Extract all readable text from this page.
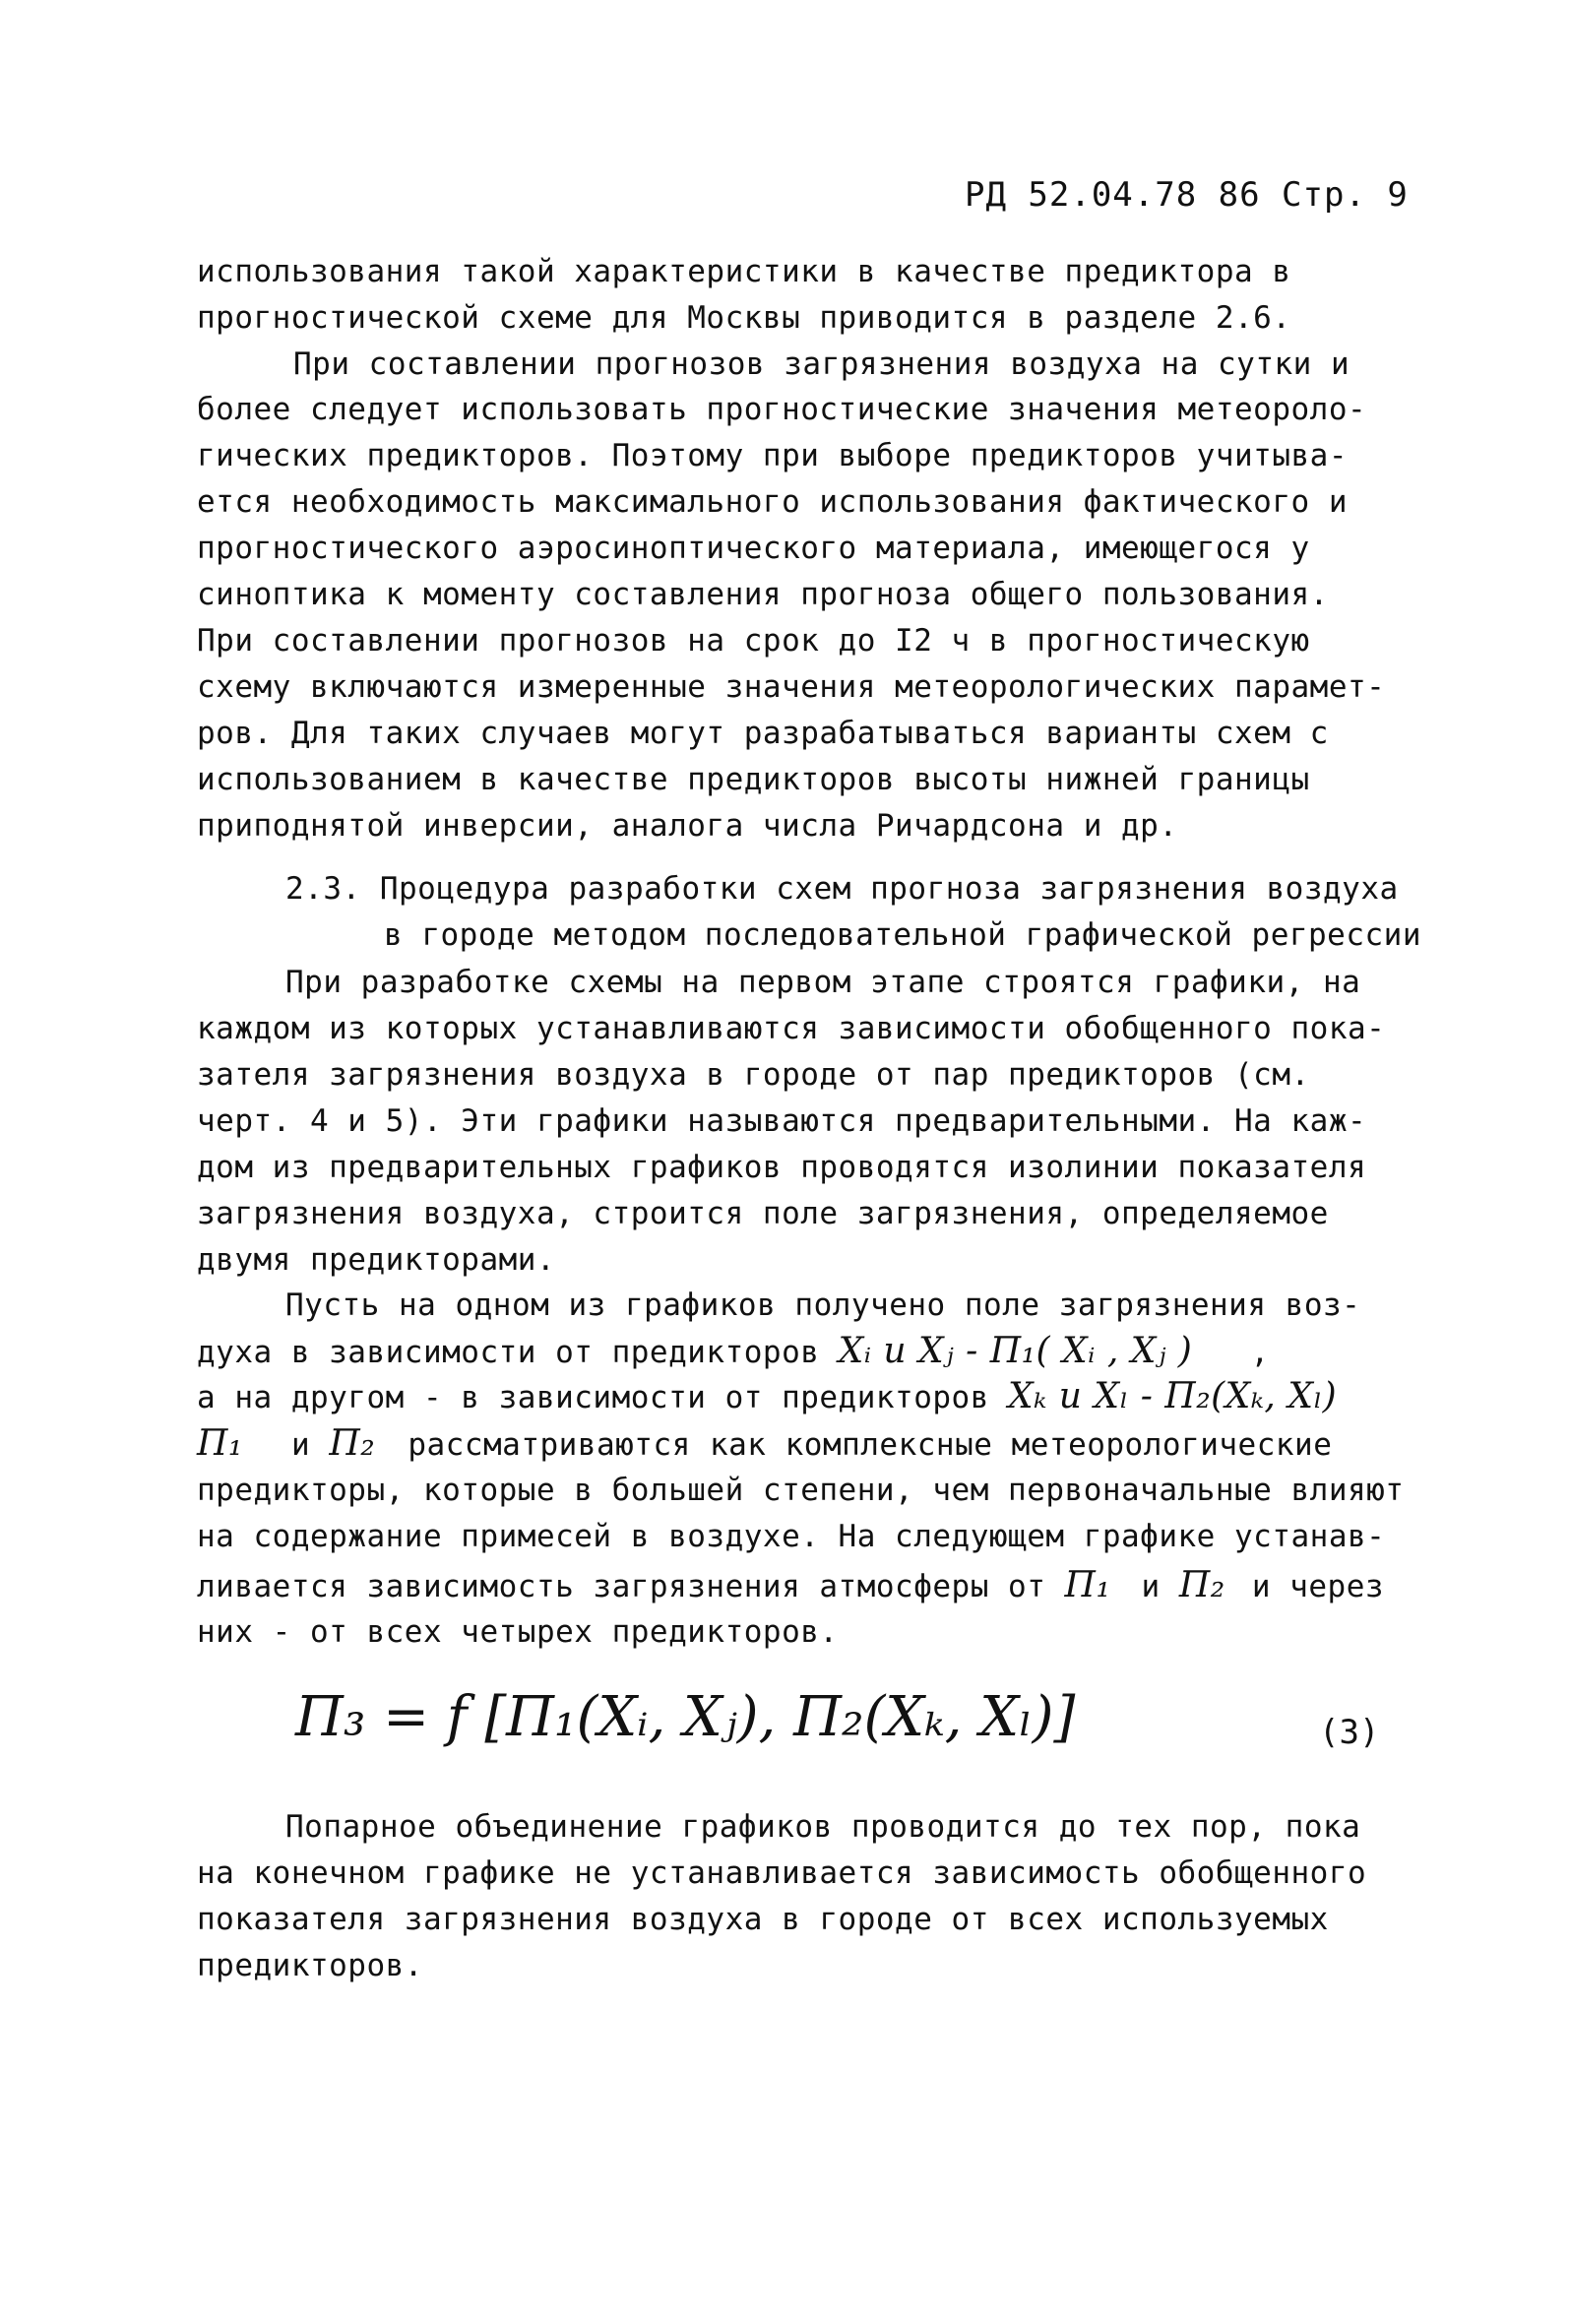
РД 52.04.78 86 Стр. 9
использования такой характеристики в качестве предиктора в
прогностической схеме для Москвы приводится в разделе 2.6.
При составлении прогнозов загрязнения воздуха на сутки и
более следует использовать прогностические значения метеороло-
гических предикторов. Поэтому при выборе предикторов учитыва-
ется необходимость максимального использования фактического и
прогностического аэросиноптического материала, имеющегося у
синоптика к моменту составления прогноза общего пользования.
При составлении прогнозов на срок до I2 ч в прогностическую
схему включаются измеренные значения метеорологических парамет-
ров. Для таких случаев могут разрабатываться варианты схем с
использованием в качестве предикторов высоты нижней границы
приподнятой инверсии, аналога числа Ричардсона и др.
2.3. Процедура разработки схем прогноза загрязнения воздуха
в городе методом последовательной графической регрессии
При разработке схемы на первом этапе строятся графики, на
каждом из которых устанавливаются зависимости обобщенного пока-
зателя загрязнения воздуха в городе от пар предикторов (см.
черт. 4 и 5). Эти графики называются предварительными. На каж-
дом из предварительных графиков проводятся изолинии показателя
загрязнения воздуха, строится поле загрязнения, определяемое
двумя предикторами.
Пусть на одном из графиков получено поле загрязнения воз-
духа в зависимости от предикторов Xᵢ и Xⱼ - П₁( Xᵢ , Xⱼ ) ,
а на другом - в зависимости от предикторов Xₖ и Xₗ - П₂(Xₖ, Xₗ)
П₁ и П₂ рассматриваются как комплексные метеорологические
предикторы, которые в большей степени, чем первоначальные влияют
на содержание примесей в воздухе. На следующем графике устанав-
ливается зависимость загрязнения атмосферы от П₁ и П₂ и через
них - от всех четырех предикторов.
П₃ = f [П₁(Xᵢ, Xⱼ), П₂(Xₖ, Xₗ)]	(3)
Попарное объединение графиков проводится до тех пор, пока
на конечном графике не устанавливается зависимость обобщенного
показателя загрязнения воздуха в городе от всех используемых
предикторов.
